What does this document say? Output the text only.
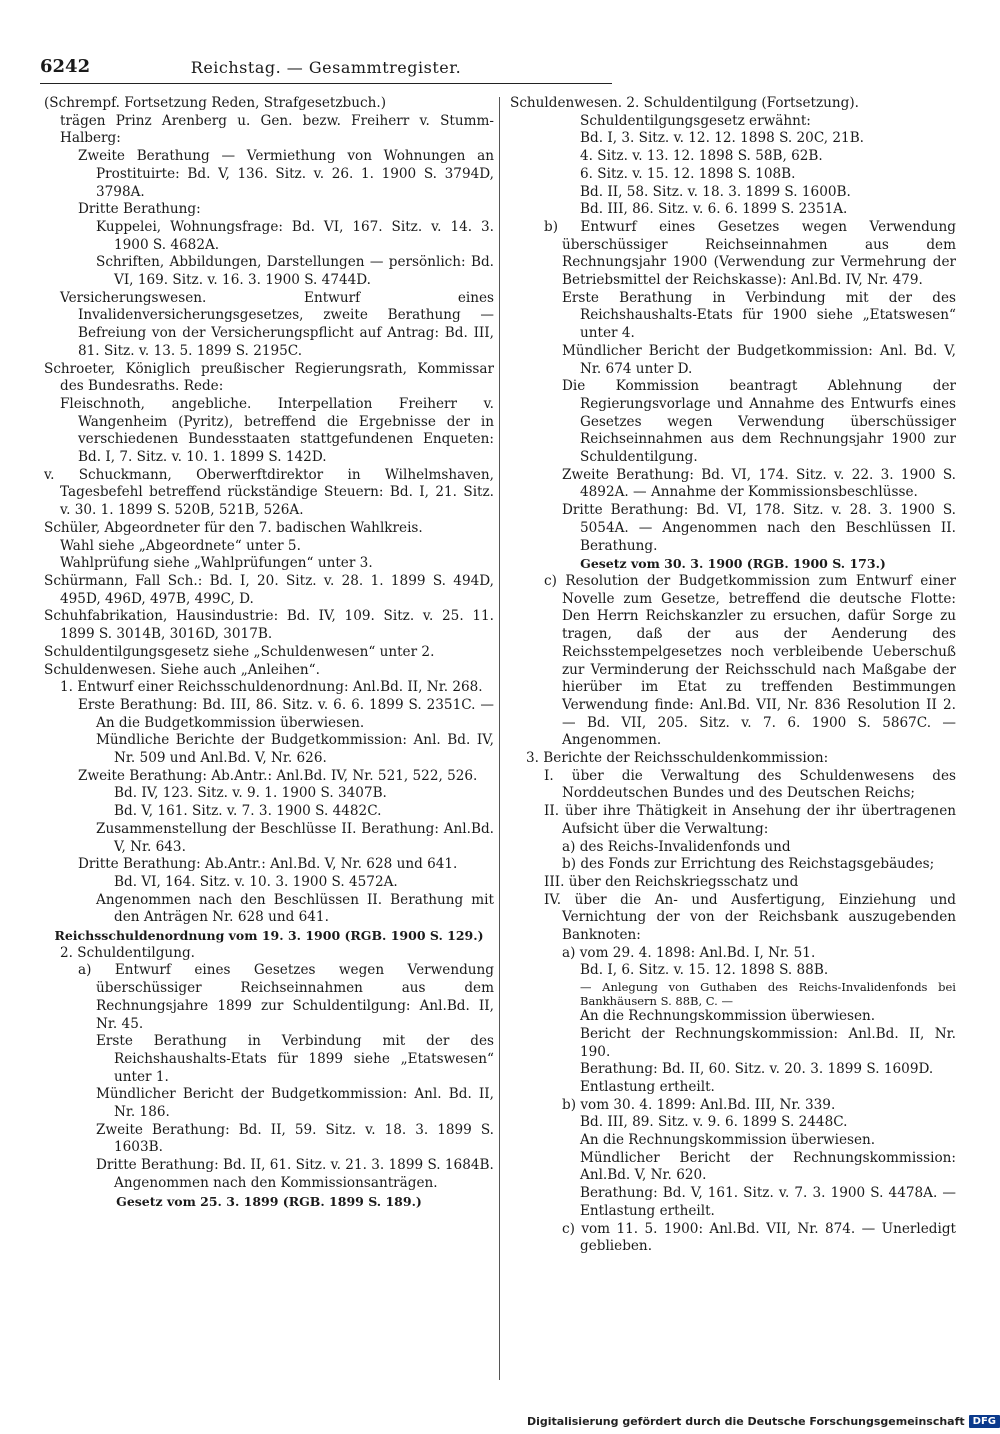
6242	Reichstag. — Gesammtregister.

(Schrempf. Fortsetzung Reden, Strafgesetzbuch.)

trägen Prinz Arenberg u. Gen. bezw. Freiherr v. Stumm-Halberg:

Zweite Berathung — Vermiethung von Wohnungen an Prostituirte: Bd. V, 136. Sitz. v. 26. 1. 1900 S. 3794D, 3798A.

Dritte Berathung:

Kuppelei, Wohnungsfrage: Bd. VI, 167. Sitz. v. 14. 3. 1900 S. 4682A.

Schriften, Abbildungen, Darstellungen — persönlich: Bd. VI, 169. Sitz. v. 16. 3. 1900 S. 4744D.

Versicherungswesen. Entwurf eines Invalidenversicherungsgesetzes, zweite Berathung — Befreiung von der Versicherungspflicht auf Antrag: Bd. III, 81. Sitz. v. 13. 5. 1899 S. 2195C.

Schroeter, Königlich preußischer Regierungsrath, Kommissar des Bundesraths. Rede:

Fleischnoth, angebliche. Interpellation Freiherr v. Wangenheim (Pyritz), betreffend die Ergebnisse der in verschiedenen Bundesstaaten stattgefundenen Enqueten: Bd. I, 7. Sitz. v. 10. 1. 1899 S. 142D.

v. Schuckmann, Oberwerftdirektor in Wilhelmshaven, Tagesbefehl betreffend rückständige Steuern: Bd. I, 21. Sitz. v. 30. 1. 1899 S. 520B, 521B, 526A.

Schüler, Abgeordneter für den 7. badischen Wahlkreis.

Wahl siehe „Abgeordnete“ unter 5.

Wahlprüfung siehe „Wahlprüfungen“ unter 3.

Schürmann, Fall Sch.: Bd. I, 20. Sitz. v. 28. 1. 1899 S. 494D, 495D, 496D, 497B, 499C, D.

Schuhfabrikation, Hausindustrie: Bd. IV, 109. Sitz. v. 25. 11. 1899 S. 3014B, 3016D, 3017B.

Schuldentilgungsgesetz siehe „Schuldenwesen“ unter 2.

Schuldenwesen. Siehe auch „Anleihen“.

1. Entwurf einer Reichsschuldenordnung: Anl.Bd. II, Nr. 268.

Erste Berathung: Bd. III, 86. Sitz. v. 6. 6. 1899 S. 2351C. — An die Budgetkommission überwiesen.

Mündliche Berichte der Budgetkommission: Anl. Bd. IV, Nr. 509 und Anl.Bd. V, Nr. 626.

Zweite Berathung: Ab.Antr.: Anl.Bd. IV, Nr. 521, 522, 526.

Bd. IV, 123. Sitz. v. 9. 1. 1900 S. 3407B.

Bd. V, 161. Sitz. v. 7. 3. 1900 S. 4482C.

Zusammenstellung der Beschlüsse II. Berathung: Anl.Bd. V, Nr. 643.

Dritte Berathung: Ab.Antr.: Anl.Bd. V, Nr. 628 und 641.

Bd. VI, 164. Sitz. v. 10. 3. 1900 S. 4572A.

Angenommen nach den Beschlüssen II. Berathung mit den Anträgen Nr. 628 und 641.

Reichsschuldenordnung vom 19. 3. 1900 (RGB. 1900 S. 129.)

2. Schuldentilgung.

a) Entwurf eines Gesetzes wegen Verwendung überschüssiger Reichseinnahmen aus dem Rechnungsjahre 1899 zur Schuldentilgung: Anl.Bd. II, Nr. 45.

Erste Berathung in Verbindung mit der des Reichshaushalts-Etats für 1899 siehe „Etatswesen“ unter 1.

Mündlicher Bericht der Budgetkommission: Anl. Bd. II, Nr. 186.

Zweite Berathung: Bd. II, 59. Sitz. v. 18. 3. 1899 S. 1603B.

Dritte Berathung: Bd. II, 61. Sitz. v. 21. 3. 1899 S. 1684B.

Angenommen nach den Kommissionsanträgen.

Gesetz vom 25. 3. 1899 (RGB. 1899 S. 189.)

Schuldenwesen. 2. Schuldentilgung (Fortsetzung).

Schuldentilgungsgesetz erwähnt:

Bd. I, 3. Sitz. v. 12. 12. 1898 S. 20C, 21B.

4. Sitz. v. 13. 12. 1898 S. 58B, 62B.

6. Sitz. v. 15. 12. 1898 S. 108B.

Bd. II, 58. Sitz. v. 18. 3. 1899 S. 1600B.

Bd. III, 86. Sitz. v. 6. 6. 1899 S. 2351A.

b) Entwurf eines Gesetzes wegen Verwendung überschüssiger Reichseinnahmen aus dem Rechnungsjahr 1900 (Verwendung zur Vermehrung der Betriebsmittel der Reichskasse): Anl.Bd. IV, Nr. 479.

Erste Berathung in Verbindung mit der des Reichshaushalts-Etats für 1900 siehe „Etatswesen“ unter 4.

Mündlicher Bericht der Budgetkommission: Anl. Bd. V, Nr. 674 unter D.

Die Kommission beantragt Ablehnung der Regierungsvorlage und Annahme des Entwurfs eines Gesetzes wegen Verwendung überschüssiger Reichseinnahmen aus dem Rechnungsjahr 1900 zur Schuldentilgung.

Zweite Berathung: Bd. VI, 174. Sitz. v. 22. 3. 1900 S. 4892A. — Annahme der Kommissionsbeschlüsse.

Dritte Berathung: Bd. VI, 178. Sitz. v. 28. 3. 1900 S. 5054A. — Angenommen nach den Beschlüssen II. Berathung.

Gesetz vom 30. 3. 1900 (RGB. 1900 S. 173.)

c) Resolution der Budgetkommission zum Entwurf einer Novelle zum Gesetze, betreffend die deutsche Flotte: Den Herrn Reichskanzler zu ersuchen, dafür Sorge zu tragen, daß der aus der Aenderung des Reichsstempelgesetzes noch verbleibende Ueberschuß zur Verminderung der Reichsschuld nach Maßgabe der hierüber im Etat zu treffenden Bestimmungen Verwendung finde: Anl.Bd. VII, Nr. 836 Resolution II 2. — Bd. VII, 205. Sitz. v. 7. 6. 1900 S. 5867C. — Angenommen.

3. Berichte der Reichsschuldenkommission:

I. über die Verwaltung des Schuldenwesens des Norddeutschen Bundes und des Deutschen Reichs;

II. über ihre Thätigkeit in Ansehung der ihr übertragenen Aufsicht über die Verwaltung:

a) des Reichs-Invalidenfonds und

b) des Fonds zur Errichtung des Reichstagsgebäudes;

III. über den Reichskriegsschatz und

IV. über die An- und Ausfertigung, Einziehung und Vernichtung der von der Reichsbank auszugebenden Banknoten:

a) vom 29. 4. 1898: Anl.Bd. I, Nr. 51.

Bd. I, 6. Sitz. v. 15. 12. 1898 S. 88B.

— Anlegung von Guthaben des Reichs-Invalidenfonds bei Bankhäusern S. 88B, C. —

An die Rechnungskommission überwiesen.

Bericht der Rechnungskommission: Anl.Bd. II, Nr. 190.

Berathung: Bd. II, 60. Sitz. v. 20. 3. 1899 S. 1609D.

Entlastung ertheilt.

b) vom 30. 4. 1899: Anl.Bd. III, Nr. 339.

Bd. III, 89. Sitz. v. 9. 6. 1899 S. 2448C.

An die Rechnungskommission überwiesen.

Mündlicher Bericht der Rechnungskommission: Anl.Bd. V, Nr. 620.

Berathung: Bd. V, 161. Sitz. v. 7. 3. 1900 S. 4478A. — Entlastung ertheilt.

c) vom 11. 5. 1900: Anl.Bd. VII, Nr. 874. — Unerledigt geblieben.

Digitalisierung gefördert durch die Deutsche Forschungsgemeinschaft DFG
